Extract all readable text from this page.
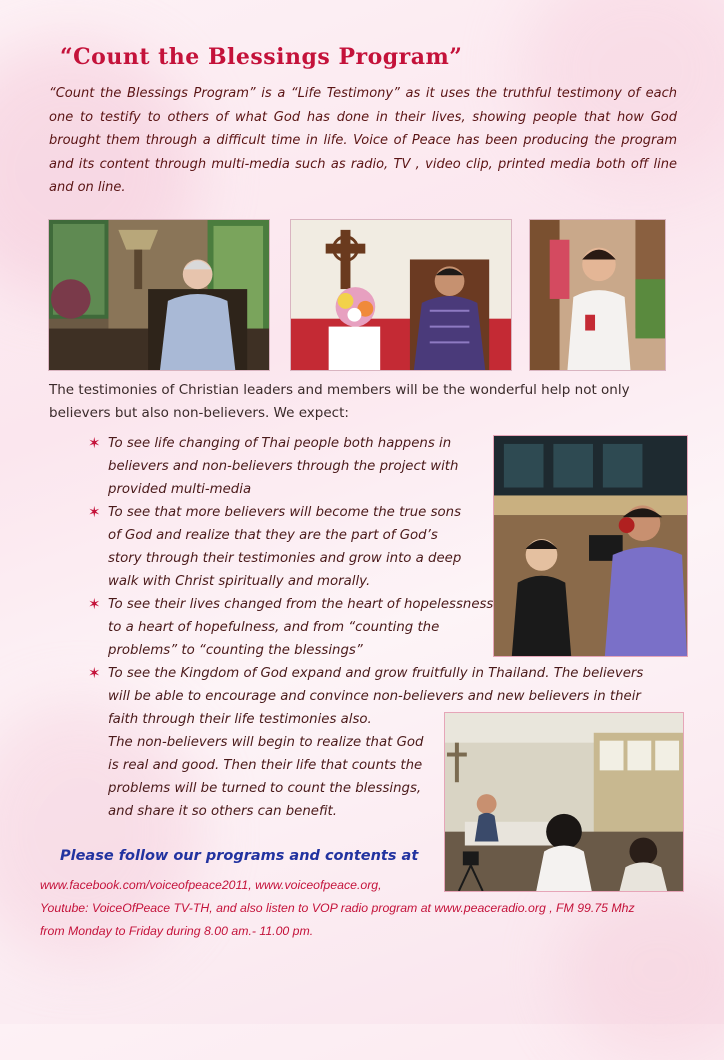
“Count the Blessings Program”

“Count the Blessings Program” is a “Life Testimony” as it uses the truthful testimony of each one to testify to others of what God has done in their lives, showing people that how God brought them through a difficult time in life. Voice of Peace has been producing the program and its content through multi-media such as radio, TV , video clip, printed media both off line and on line.

The testimonies of Christian leaders and members will be the wonderful help not only believers but also non-believers. We expect:

✶ To see life changing of Thai people both happens in

believers and non-believers through the project with

provided multi-media

✶ To see that more believers will become the true sons

of God and realize that they are the part of God’s

story through their testimonies and grow into a deep

walk with Christ spiritually and morally.

✶ To see their lives changed from the heart of hopelessness

to a heart of hopefulness, and from “counting the

problems” to “counting the blessings”

✶ To see the Kingdom of God expand and grow fruitfully in Thailand. The believers

will be able to encourage and convince non-believers and new believers in their

faith through their life testimonies also.

The non-believers will begin to realize that God

is real and good. Then their life that counts the

problems will be turned to count the blessings,

and share it so others can benefit.

Please follow our programs and contents at

www.facebook.com/voiceofpeace2011, www.voiceofpeace.org,
Youtube: VoiceOfPeace TV-TH, and also listen to VOP radio program at www.peaceradio.org , FM 99.75 Mhz
from Monday to Friday during 8.00 am.- 11.00 pm.
